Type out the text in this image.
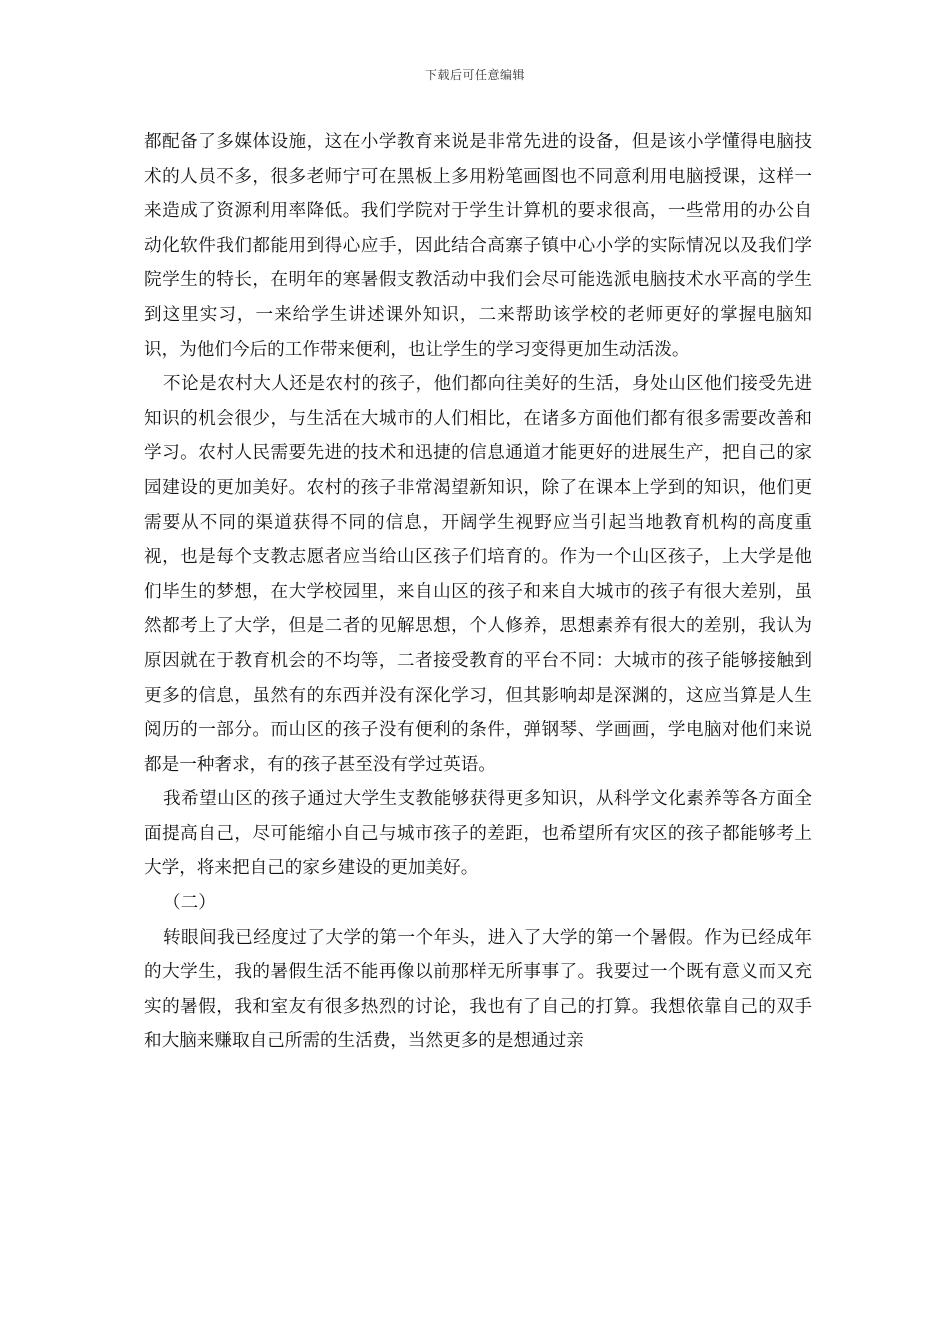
下载后可任意编辑

都配备了多媒体设施，这在小学教育来说是非常先进的设备，但是该小学懂得电脑技术的人员不多，很多老师宁可在黑板上多用粉笔画图也不同意利用电脑授课，这样一来造成了资源利用率降低。我们学院对于学生计算机的要求很高，一些常用的办公自动化软件我们都能用到得心应手，因此结合高寨子镇中心小学的实际情况以及我们学院学生的特长，在明年的寒暑假支教活动中我们会尽可能选派电脑技术水平高的学生到这里实习，一来给学生讲述课外知识，二来帮助该学校的老师更好的掌握电脑知识，为他们今后的工作带来便利，也让学生的学习变得更加生动活泼。

不论是农村大人还是农村的孩子，他们都向往美好的生活，身处山区他们接受先进知识的机会很少，与生活在大城市的人们相比，在诸多方面他们都有很多需要改善和学习。农村人民需要先进的技术和迅捷的信息通道才能更好的进展生产，把自己的家园建设的更加美好。农村的孩子非常渴望新知识，除了在课本上学到的知识，他们更需要从不同的渠道获得不同的信息，开阔学生视野应当引起当地教育机构的高度重视，也是每个支教志愿者应当给山区孩子们培育的。作为一个山区孩子，上大学是他们毕生的梦想，在大学校园里，来自山区的孩子和来自大城市的孩子有很大差别，虽然都考上了大学，但是二者的见解思想，个人修养，思想素养有很大的差别，我认为原因就在于教育机会的不均等，二者接受教育的平台不同：大城市的孩子能够接触到更多的信息，虽然有的东西并没有深化学习，但其影响却是深渊的，这应当算是人生阅历的一部分。而山区的孩子没有便利的条件，弹钢琴、学画画，学电脑对他们来说都是一种奢求，有的孩子甚至没有学过英语。

我希望山区的孩子通过大学生支教能够获得更多知识，从科学文化素养等各方面全面提高自己，尽可能缩小自己与城市孩子的差距，也希望所有灾区的孩子都能够考上大学，将来把自己的家乡建设的更加美好。

（二）

转眼间我已经度过了大学的第一个年头，进入了大学的第一个暑假。作为已经成年的大学生，我的暑假生活不能再像以前那样无所事事了。我要过一个既有意义而又充实的暑假，我和室友有很多热烈的讨论，我也有了自己的打算。我想依靠自己的双手和大脑来赚取自己所需的生活费，当然更多的是想通过亲
